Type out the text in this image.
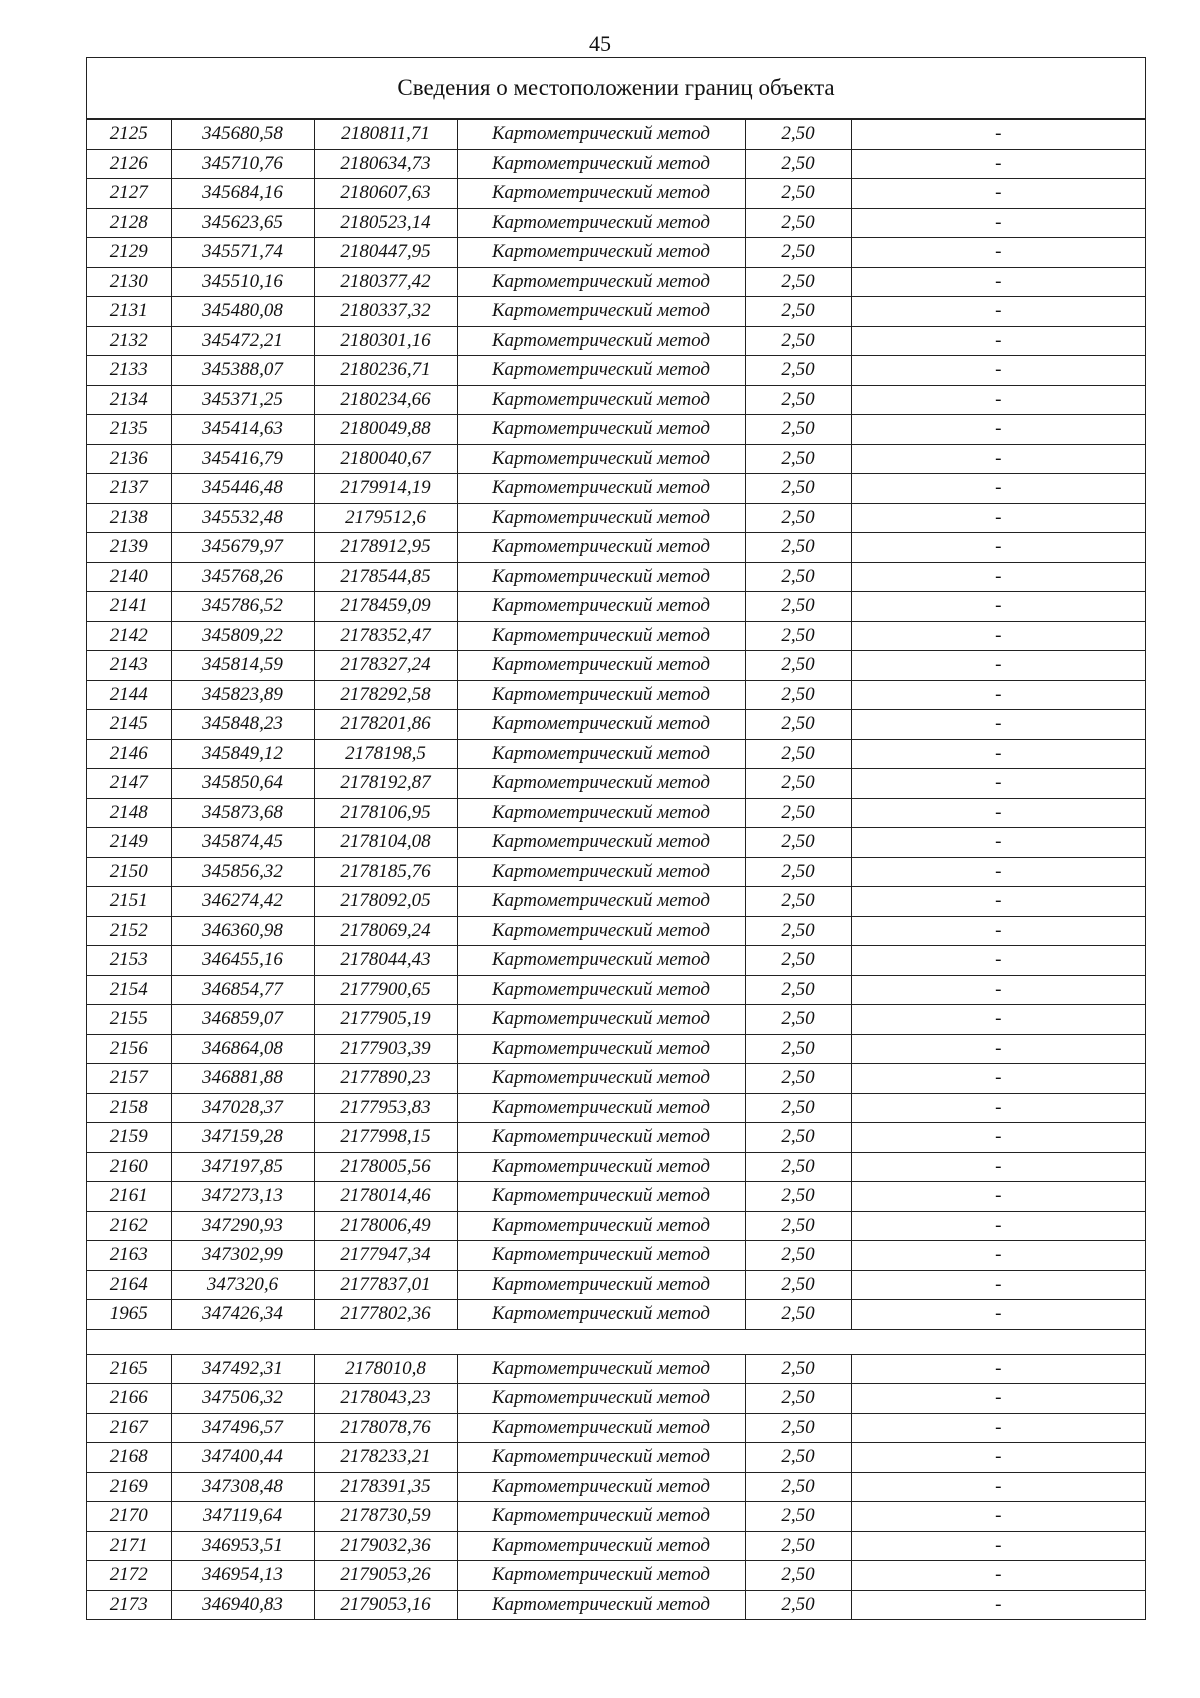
45
Сведения о местоположении границ объекта
2125	345680,58	2180811,71	Картометрический метод	2,50	-
2126	345710,76	2180634,73	Картометрический метод	2,50	-
2127	345684,16	2180607,63	Картометрический метод	2,50	-
2128	345623,65	2180523,14	Картометрический метод	2,50	-
2129	345571,74	2180447,95	Картометрический метод	2,50	-
2130	345510,16	2180377,42	Картометрический метод	2,50	-
2131	345480,08	2180337,32	Картометрический метод	2,50	-
2132	345472,21	2180301,16	Картометрический метод	2,50	-
2133	345388,07	2180236,71	Картометрический метод	2,50	-
2134	345371,25	2180234,66	Картометрический метод	2,50	-
2135	345414,63	2180049,88	Картометрический метод	2,50	-
2136	345416,79	2180040,67	Картометрический метод	2,50	-
2137	345446,48	2179914,19	Картометрический метод	2,50	-
2138	345532,48	2179512,6	Картометрический метод	2,50	-
2139	345679,97	2178912,95	Картометрический метод	2,50	-
2140	345768,26	2178544,85	Картометрический метод	2,50	-
2141	345786,52	2178459,09	Картометрический метод	2,50	-
2142	345809,22	2178352,47	Картометрический метод	2,50	-
2143	345814,59	2178327,24	Картометрический метод	2,50	-
2144	345823,89	2178292,58	Картометрический метод	2,50	-
2145	345848,23	2178201,86	Картометрический метод	2,50	-
2146	345849,12	2178198,5	Картометрический метод	2,50	-
2147	345850,64	2178192,87	Картометрический метод	2,50	-
2148	345873,68	2178106,95	Картометрический метод	2,50	-
2149	345874,45	2178104,08	Картометрический метод	2,50	-
2150	345856,32	2178185,76	Картометрический метод	2,50	-
2151	346274,42	2178092,05	Картометрический метод	2,50	-
2152	346360,98	2178069,24	Картометрический метод	2,50	-
2153	346455,16	2178044,43	Картометрический метод	2,50	-
2154	346854,77	2177900,65	Картометрический метод	2,50	-
2155	346859,07	2177905,19	Картометрический метод	2,50	-
2156	346864,08	2177903,39	Картометрический метод	2,50	-
2157	346881,88	2177890,23	Картометрический метод	2,50	-
2158	347028,37	2177953,83	Картометрический метод	2,50	-
2159	347159,28	2177998,15	Картометрический метод	2,50	-
2160	347197,85	2178005,56	Картометрический метод	2,50	-
2161	347273,13	2178014,46	Картометрический метод	2,50	-
2162	347290,93	2178006,49	Картометрический метод	2,50	-
2163	347302,99	2177947,34	Картометрический метод	2,50	-
2164	347320,6	2177837,01	Картометрический метод	2,50	-
1965	347426,34	2177802,36	Картометрический метод	2,50	-

2165	347492,31	2178010,8	Картометрический метод	2,50	-
2166	347506,32	2178043,23	Картометрический метод	2,50	-
2167	347496,57	2178078,76	Картометрический метод	2,50	-
2168	347400,44	2178233,21	Картометрический метод	2,50	-
2169	347308,48	2178391,35	Картометрический метод	2,50	-
2170	347119,64	2178730,59	Картометрический метод	2,50	-
2171	346953,51	2179032,36	Картометрический метод	2,50	-
2172	346954,13	2179053,26	Картометрический метод	2,50	-
2173	346940,83	2179053,16	Картометрический метод	2,50	-
